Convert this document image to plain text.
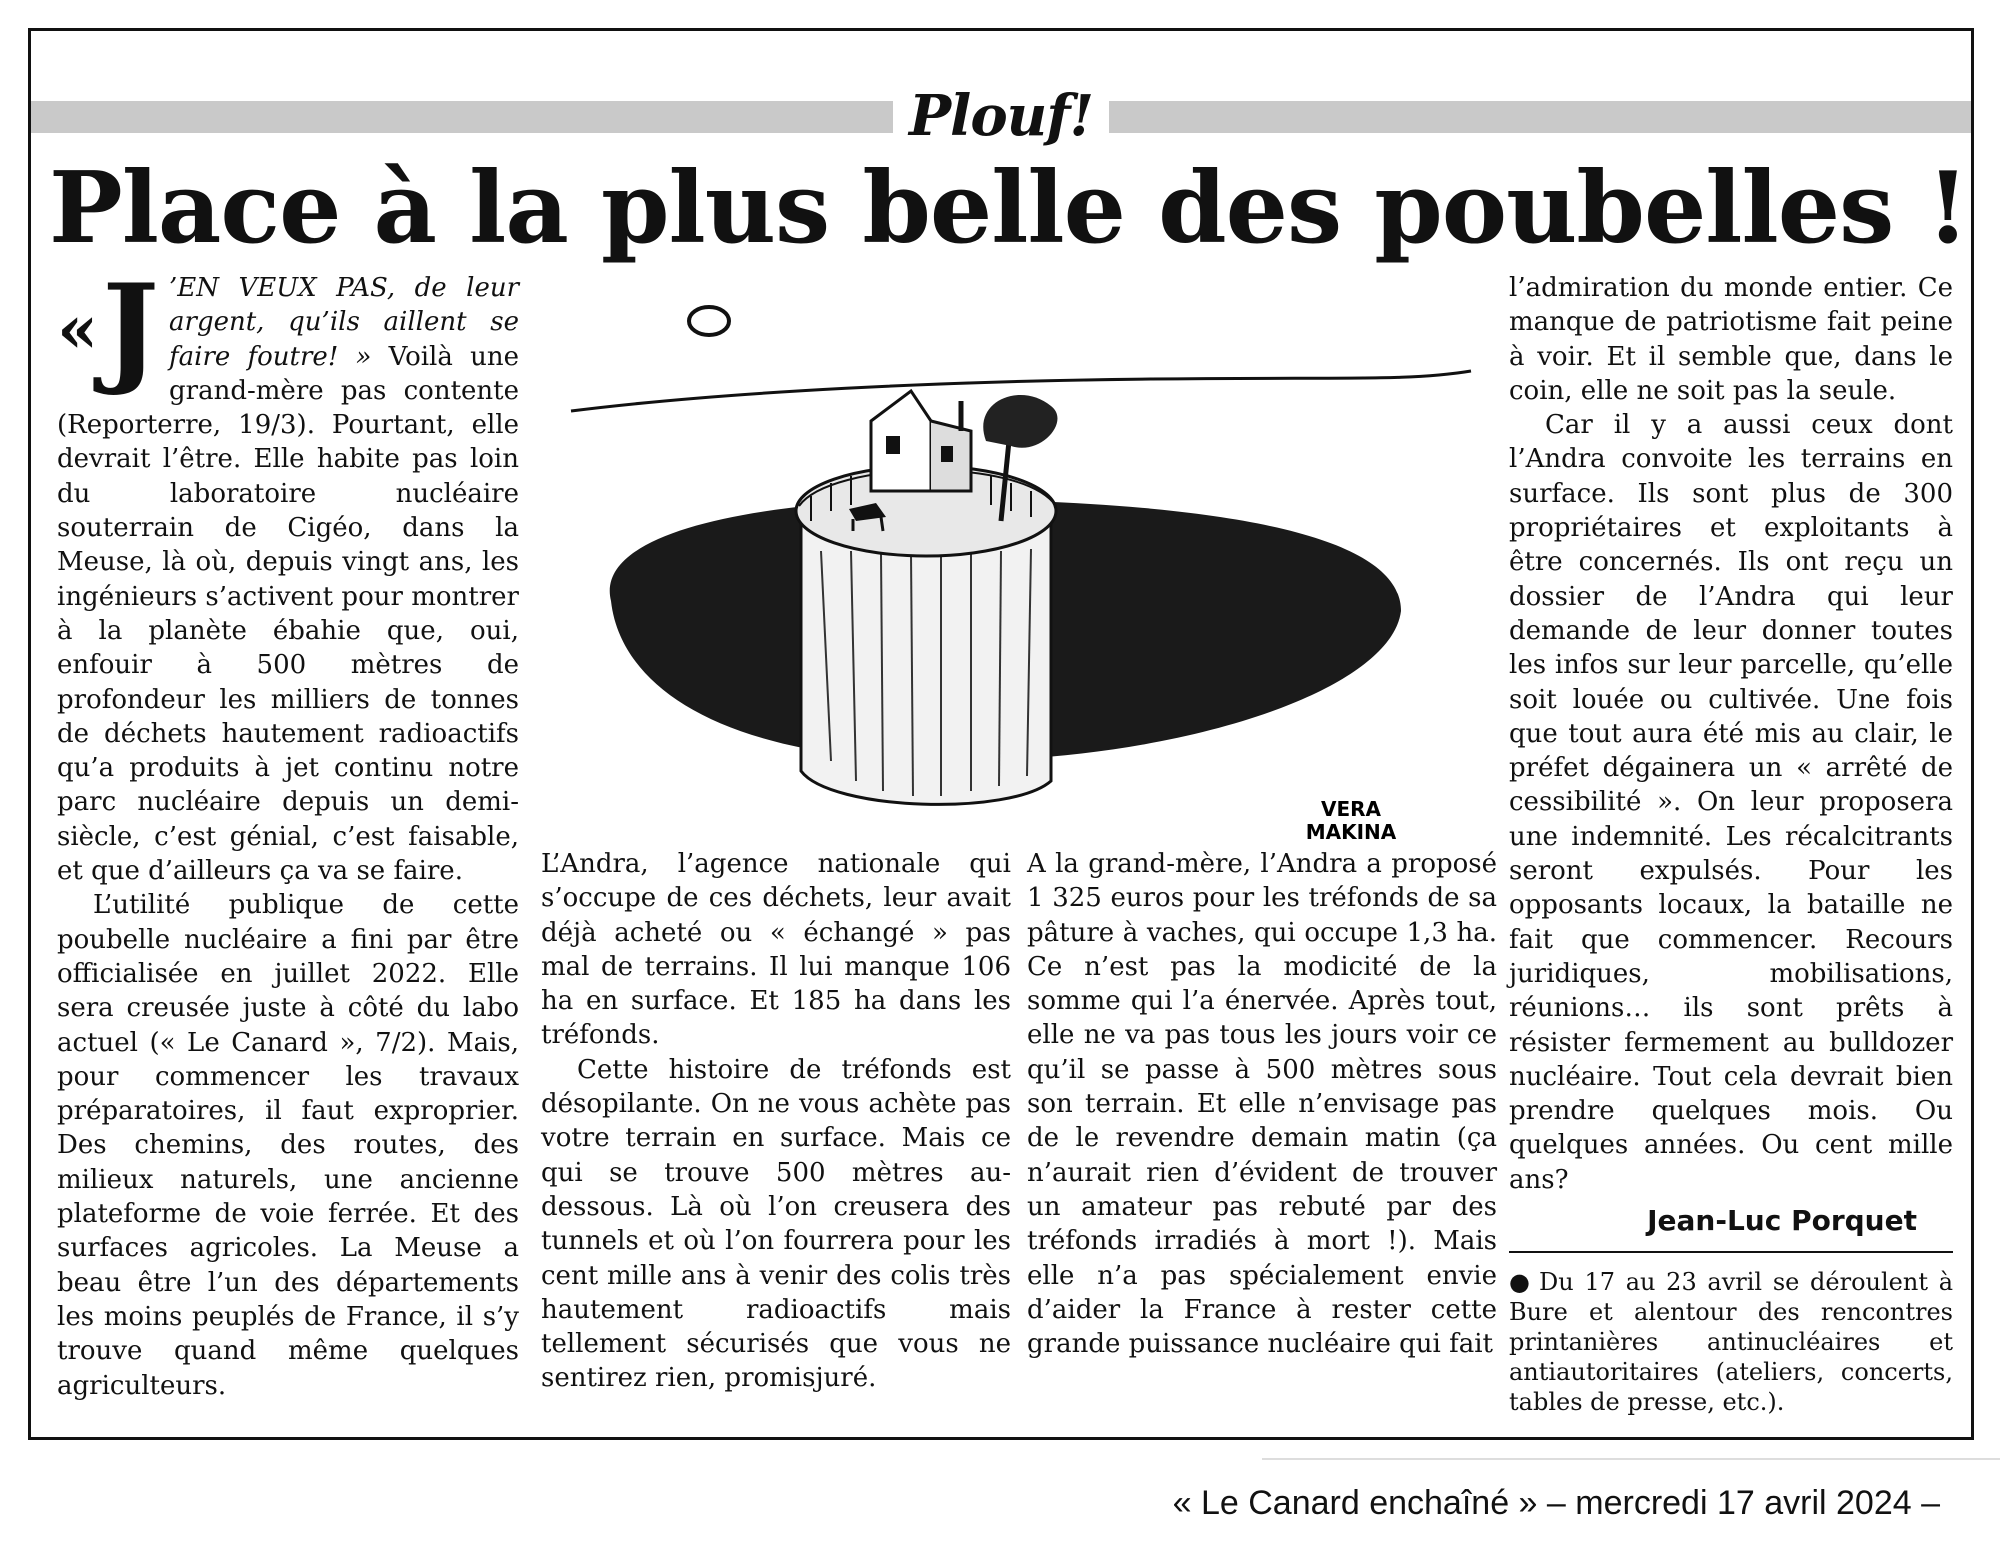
Plouf!
Place à la plus belle des poubelles !

«J ’EN VEUX PAS, de leur argent, qu’ils aillent se faire foutre! » Voilà une grand-mère pas contente (Reporterre, 19/3). Pourtant, elle devrait l’être. Elle habite pas loin du laboratoire nucléaire souterrain de Cigéo, dans la Meuse, là où, depuis vingt ans, les ingénieurs s’activent pour montrer à la planète ébahie que, oui, enfouir à 500 mètres de profondeur les milliers de tonnes de déchets hautement radioactifs qu’a produits à jet continu notre parc nucléaire depuis un demi-siècle, c’est génial, c’est faisable, et que d’ailleurs ça va se faire.

L’utilité publique de cette poubelle nucléaire a fini par être officialisée en juillet 2022. Elle sera creusée juste à côté du labo actuel (« Le Canard », 7/2). Mais, pour commencer les travaux préparatoires, il faut exproprier. Des chemins, des routes, des milieux naturels, une ancienne plateforme de voie ferrée. Et des surfaces agricoles. La Meuse a beau être l’un des départements les moins peuplés de France, il s’y trouve quand même quelques agriculteurs.

VERA
MAKINA

L’Andra, l’agence nationale qui s’occupe de ces déchets, leur avait déjà acheté ou « échangé » pas mal de terrains. Il lui manque 106 ha en surface. Et 185 ha dans les tréfonds.

Cette histoire de tréfonds est désopilante. On ne vous achète pas votre terrain en surface. Mais ce qui se trouve 500 mètres au-dessous. Là où l’on creusera des tunnels et où l’on fourrera pour les cent mille ans à venir des colis très hautement radioactifs mais tellement sécurisés que vous ne sentirez rien, promisjuré.

A la grand-mère, l’Andra a proposé 1 325 euros pour les tréfonds de sa pâture à vaches, qui occupe 1,3 ha. Ce n’est pas la modicité de la somme qui l’a énervée. Après tout, elle ne va pas tous les jours voir ce qu’il se passe à 500 mètres sous son terrain. Et elle n’envisage pas de le revendre demain matin (ça n’aurait rien d’évident de trouver un amateur pas rebuté par des tréfonds irradiés à mort !). Mais elle n’a pas spécialement envie d’aider la France à rester cette grande puissance nucléaire qui fait

l’admiration du monde entier. Ce manque de patriotisme fait peine à voir. Et il semble que, dans le coin, elle ne soit pas la seule.

Car il y a aussi ceux dont l’Andra convoite les terrains en surface. Ils sont plus de 300 propriétaires et exploitants à être concernés. Ils ont reçu un dossier de l’Andra qui leur demande de leur donner toutes les infos sur leur parcelle, qu’elle soit louée ou cultivée. Une fois que tout aura été mis au clair, le préfet dégainera un « arrêté de cessibilité ». On leur proposera une indemnité. Les récalcitrants seront expulsés. Pour les opposants locaux, la bataille ne fait que commencer. Recours juridiques, mobilisations, réunions… ils sont prêts à résister fermement au bulldozer nucléaire. Tout cela devrait bien prendre quelques mois. Ou quelques années. Ou cent mille ans?

Jean-Luc Porquet
● Du 17 au 23 avril se déroulent à Bure et alentour des rencontres printanières antinucléaires et antiautoritaires (ateliers, concerts, tables de presse, etc.).
« Le Canard enchaîné » – mercredi 17 avril 2024 –
